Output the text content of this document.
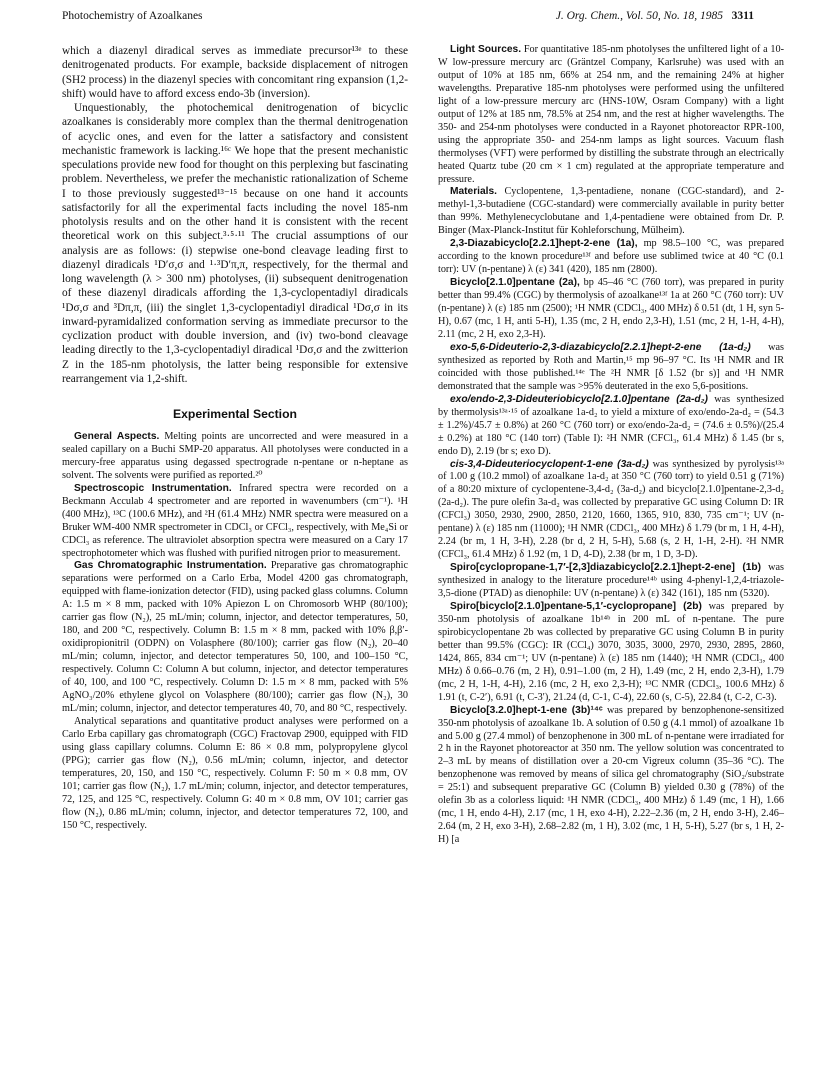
Photochemistry of Azoalkanes	J. Org. Chem., Vol. 50, No. 18, 1985 3311

which a diazenyl diradical serves as immediate precursor¹³ᵉ to these denitrogenated products. For example, backside displacement of nitrogen (SH2 process) in the diazenyl species with concomitant ring expansion (1,2-shift) would have to afford excess endo-3b (inversion).

Unquestionably, the photochemical denitrogenation of bicyclic azoalkanes is considerably more complex than the thermal denitrogenation of acyclic ones, and even for the latter a satisfactory and consistent mechanistic framework is lacking.¹⁶ᶜ We hope that the present mechanistic speculations provide new food for thought on this perplexing but fascinating problem. Nevertheless, we prefer the mechanistic rationalization of Scheme I to those previously suggested¹³⁻¹⁵ because on one hand it accounts satisfactorily for all the experimental facts including the novel 185-nm photolysis results and on the other hand it is consistent with the recent theoretical work on this subject.³·⁵·¹¹ The crucial assumptions of our analysis are as follows: (i) stepwise one-bond cleavage leading first to diazenyl diradicals ¹D′σ,σ and ¹·³D′π,π, respectively, for the thermal and long wavelength (λ > 300 nm) photolyses, (ii) subsequent denitrogenation of these diazenyl diradicals affording the 1,3-cyclopentadiyl diradicals ¹Dσ,σ and ³Dπ,π, (iii) the singlet 1,3-cyclopentadiyl diradical ¹Dσ,σ in its inward-pyramidalized conformation serving as immediate precursor to the cyclization product with double inversion, and (iv) two-bond cleavage leading directly to the 1,3-cyclopentadiyl diradical ¹Dσ,σ and the zwitterion Z in the 185-nm photolysis, the latter being responsible for extensive rearrangement via 1,2-shift.

Experimental Section

General Aspects. Melting points are uncorrected and were measured in a sealed capillary on a Buchi SMP-20 apparatus. All photolyses were conducted in a mercury-free apparatus using degassed spectrograde n-pentane or n-heptane as solvent. The solvents were purified as reported.²⁰

Spectroscopic Instrumentation. Infrared spectra were recorded on a Beckmann Acculab 4 spectrometer and are reported in wavenumbers (cm⁻¹). ¹H (400 MHz), ¹³C (100.6 MHz), and ²H (61.4 MHz) NMR spectra were measured on a Bruker WM-400 NMR spectrometer in CDCl₃ or CFCl₃, respectively, with Me₄Si or CDCl₃ as reference. The ultraviolet absorption spectra were measured on a Cary 17 spectrophotometer which was flushed with purified nitrogen prior to measurement.

Gas Chromatographic Instrumentation. Preparative gas chromatographic separations were performed on a Carlo Erba, Model 4200 gas chromatograph, equipped with flame-ionization detector (FID), using packed glass columns. Column A: 1.5 m × 8 mm, packed with 10% Apiezon L on Chromosorb WHP (80/100); carrier gas flow (N₂), 25 mL/min; column, injector, and detector temperatures, 50, 180, and 200 °C, respectively. Column B: 1.5 m × 8 mm, packed with 10% β,β′-oxidipropionitril (ODPN) on Volasphere (80/100); carrier gas flow (N₂), 20–40 mL/min; column, injector, and detector temperatures 50, 100, and 100–150 °C, respectively. Column C: Column A but column, injector, and detector temperatures of 40, 100, and 100 °C, respectively. Column D: 1.5 m × 8 mm, packed with 5% AgNO₃/20% ethylene glycol on Volasphere (80/100); carrier gas flow (N₂), 30 mL/min; column, injector, and detector temperatures 40, 70, and 80 °C, respectively.

Analytical separations and quantitative product analyses were performed on a Carlo Erba capillary gas chromatograph (CGC) Fractovap 2900, equipped with FID using glass capillary columns. Column E: 86 × 0.8 mm, polypropylene glycol (PPG); carrier gas flow (N₂), 0.56 mL/min; column, injector, and detector temperatures, 20, 150, and 150 °C, respectively. Column F: 50 m × 0.8 mm, OV 101; carrier gas flow (N₂), 1.7 mL/min; column, injector, and detector temperatures, 72, 125, and 125 °C, respectively. Column G: 40 m × 0.8 mm, OV 101; carrier gas flow (N₂), 0.86 mL/min; column, injector, and detector temperatures 72, 100, and 150 °C, respectively.

Light Sources. For quantitative 185-nm photolyses the unfiltered light of a 10-W low-pressure mercury arc (Gräntzel Company, Karlsruhe) was used with an output of 10% at 185 nm, 66% at 254 nm, and the remaining 24% at higher wavelengths. Preparative 185-nm photolyses were performed using the unfiltered light of a low-pressure mercury arc (HNS-10W, Osram Company) with a light output of 12% at 185 nm, 78.5% at 254 nm, and the rest at higher wavelengths. The 350- and 254-nm photolyses were conducted in a Rayonet photoreactor RPR-100, using the appropriate 350- and 254-nm lamps as light sources. Vacuum flash thermolyses (VFT) were performed by distilling the substrate through an electrically heated Quartz tube (20 cm × 1 cm) regulated at the appropriate temperature and pressure.

Materials. Cyclopentene, 1,3-pentadiene, nonane (CGC-standard), and 2-methyl-1,3-butadiene (CGC-standard) were commercially available in purity better than 99%. Methylenecyclobutane and 1,4-pentadiene were obtained from Dr. P. Binger (Max-Planck-Institut für Kohleforschung, Mülheim).

2,3-Diazabicyclo[2.2.1]hept-2-ene (1a), mp 98.5–100 °C, was prepared according to the known procedure¹³ᶠ and before use sublimed twice at 40 °C (0.1 torr): UV (n-pentane) λ (ε) 341 (420), 185 nm (2800).

Bicyclo[2.1.0]pentane (2a), bp 45–46 °C (760 torr), was prepared in purity better than 99.4% (CGC) by thermolysis of azoalkane¹³ᶠ 1a at 260 °C (760 torr): UV (n-pentane) λ (ε) 185 nm (2500); ¹H NMR (CDCl₃, 400 MHz) δ 0.51 (dt, 1 H, syn 5-H), 0.67 (mc, 1 H, anti 5-H), 1.35 (mc, 2 H, endo 2,3-H), 1.51 (mc, 2 H, 1-H, 4-H), 2.11 (mc, 2 H, exo 2,3-H).

exo-5,6-Dideuterio-2,3-diazabicyclo[2.2.1]hept-2-ene (1a-d₂) was synthesized as reported by Roth and Martin,¹⁵ mp 96–97 °C. Its ¹H NMR and IR coincided with those published.¹⁴ᵉ The ²H NMR [δ 1.52 (br s)] and ¹H NMR demonstrated that the sample was >95% deuterated in the exo 5,6-positions.

exo/endo-2,3-Dideuteriobicyclo[2.1.0]pentane (2a-d₂) was synthesized by thermolysis¹³ᵃ·¹⁵ of azoalkane 1a-d₂ to yield a mixture of exo/endo-2a-d₂ = (54.3 ± 1.2%)/45.7 ± 0.8%) at 260 °C (760 torr) or exo/endo-2a-d₂ = (74.6 ± 0.5%)/(25.4 ± 0.2%) at 180 °C (140 torr) (Table I): ²H NMR (CFCl₃, 61.4 MHz) δ 1.45 (br s, endo D), 2.19 (br s; exo D).

cis-3,4-Dideuteriocyclopent-1-ene (3a-d₂) was synthesized by pyrolysis¹³ᵃ of 1.00 g (10.2 mmol) of azoalkane 1a-d₂ at 350 °C (760 torr) to yield 0.51 g (71%) of a 80:20 mixture of cyclopentene-3,4-d₂ (3a-d₂) and bicyclo[2.1.0]pentane-2,3-d₂ (2a-d₂). The pure olefin 3a-d₂ was collected by preparative GC using Column D: IR (CFCl₃) 3050, 2930, 2900, 2850, 2120, 1660, 1365, 910, 830, 735 cm⁻¹; UV (n-pentane) λ (ε) 185 nm (11000); ¹H NMR (CDCl₃, 400 MHz) δ 1.79 (br m, 1 H, 4-H), 2.24 (br m, 1 H, 3-H), 2.28 (br d, 2 H, 5-H), 5.68 (s, 2 H, 1-H, 2-H). ²H NMR (CFCl₃, 61.4 MHz) δ 1.92 (m, 1 D, 4-D), 2.38 (br m, 1 D, 3-D).

Spiro[cyclopropane-1,7′-[2,3]diazabicyclo[2.2.1]hept-2-ene] (1b) was synthesized in analogy to the literature procedure¹⁴ᵇ using 4-phenyl-1,2,4-triazole-3,5-dione (PTAD) as dienophile: UV (n-pentane) λ (ε) 342 (161), 185 nm (5320).

Spiro[bicyclo[2.1.0]pentane-5,1′-cyclopropane] (2b) was prepared by 350-nm photolysis of azoalkane 1b¹⁴ᵇ in 200 mL of n-pentane. The pure spirobicyclopentane 2b was collected by preparative GC using Column B in purity better than 99.5% (CGC): IR (CCl₄) 3070, 3035, 3000, 2970, 2930, 2895, 2860, 1424, 865, 834 cm⁻¹; UV (n-pentane) λ (ε) 185 nm (1440); ¹H NMR (CDCl₃, 400 MHz) δ 0.66–0.76 (m, 2 H), 0.91–1.00 (m, 2 H), 1.49 (mc, 2 H, endo 2,3-H), 1.79 (mc, 2 H, 1-H, 4-H), 2.16 (mc, 2 H, exo 2,3-H); ¹³C NMR (CDCl₃, 100.6 MHz) δ 1.91 (t, C-2′), 6.91 (t, C-3′), 21.24 (d, C-1, C-4), 22.60 (s, C-5), 22.84 (t, C-2, C-3).

Bicyclo[3.2.0]hept-1-ene (3b)¹⁴ᶜ was prepared by benzophenone-sensitized 350-nm photolysis of azoalkane 1b. A solution of 0.50 g (4.1 mmol) of azoalkane 1b and 5.00 g (27.4 mmol) of benzophenone in 300 mL of n-pentane were irradiated for 2 h in the Rayonet photoreactor at 350 nm. The yellow solution was concentrated to 2–3 mL by means of distillation over a 20-cm Vigreux column (35–36 °C). The benzophenone was removed by means of silica gel chromatography (SiO₂/substrate = 25:1) and subsequent preparative GC (Column B) yielded 0.30 g (78%) of the olefin 3b as a colorless liquid: ¹H NMR (CDCl₃, 400 MHz) δ 1.49 (mc, 1 H), 1.66 (mc, 1 H, endo 4-H), 2.17 (mc, 1 H, exo 4-H), 2.22–2.36 (m, 2 H, endo 3-H), 2.46–2.64 (m, 2 H, exo 3-H), 2.68–2.82 (m, 1 H), 3.02 (mc, 1 H, 5-H), 5.27 (br s, 1 H, 2-H) [a
